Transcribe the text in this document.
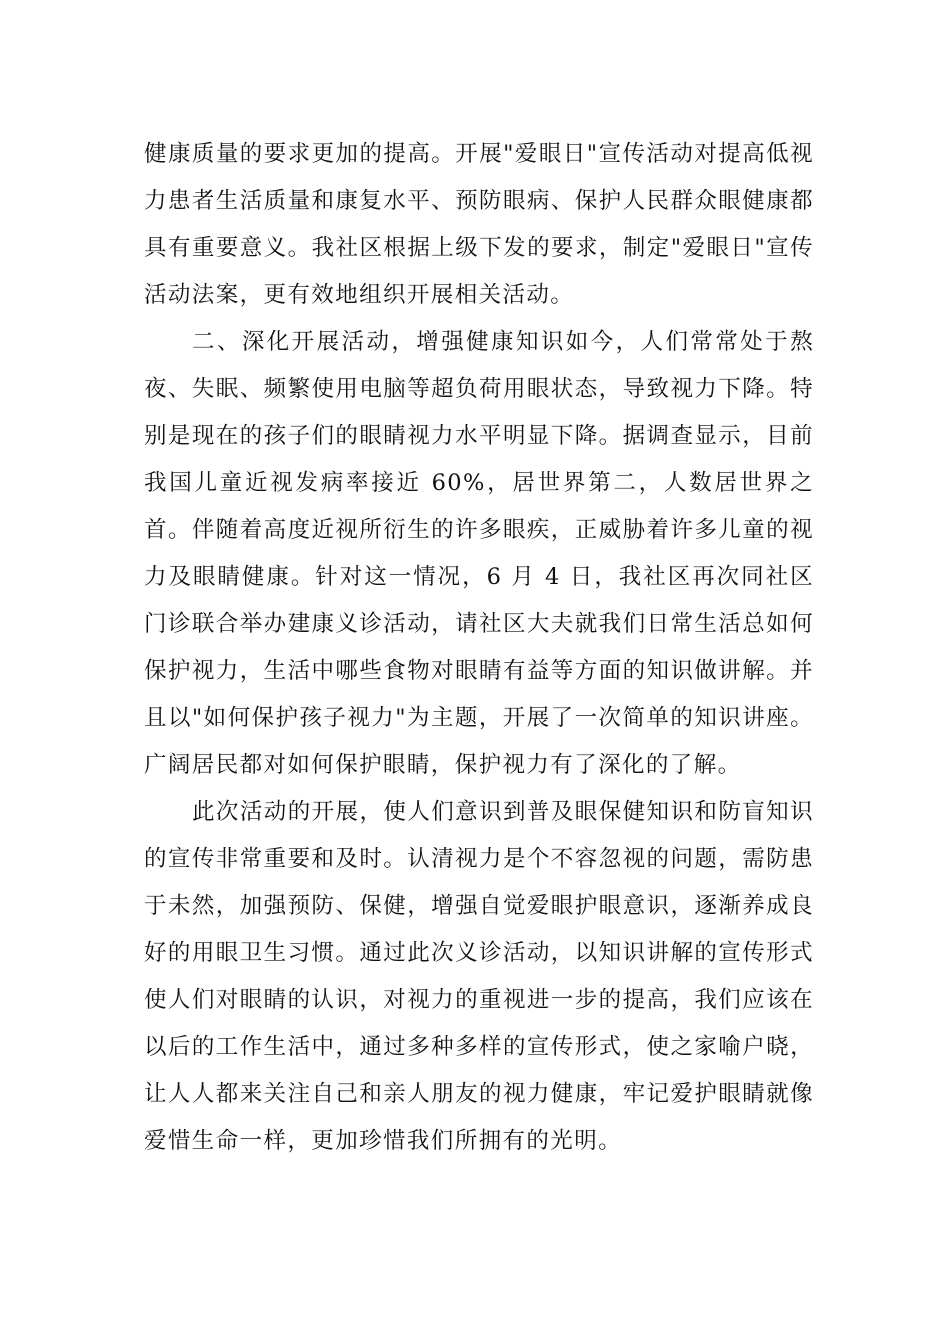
健康质量的要求更加的提高。开展"爱眼日"宣传活动对提高低视力患者生活质量和康复水平、预防眼病、保护人民群众眼健康都具有重要意义。我社区根据上级下发的要求，制定"爱眼日"宣传活动法案，更有效地组织开展相关活动。

二、深化开展活动，增强健康知识如今，人们常常处于熬夜、失眠、频繁使用电脑等超负荷用眼状态，导致视力下降。特别是现在的孩子们的眼睛视力水平明显下降。据调查显示，目前我国儿童近视发病率接近 60%，居世界第二，人数居世界之首。伴随着高度近视所衍生的许多眼疾，正威胁着许多儿童的视力及眼睛健康。针对这一情况，6 月 4 日，我社区再次同社区门诊联合举办建康义诊活动，请社区大夫就我们日常生活总如何保护视力，生活中哪些食物对眼睛有益等方面的知识做讲解。并且以"如何保护孩子视力"为主题，开展了一次简单的知识讲座。广阔居民都对如何保护眼睛，保护视力有了深化的了解。

此次活动的开展，使人们意识到普及眼保健知识和防盲知识的宣传非常重要和及时。认清视力是个不容忽视的问题，需防患于未然，加强预防、保健，增强自觉爱眼护眼意识，逐渐养成良好的用眼卫生习惯。通过此次义诊活动，以知识讲解的宣传形式使人们对眼睛的认识，对视力的重视进一步的提高，我们应该在以后的工作生活中，通过多种多样的宣传形式，使之家喻户晓，让人人都来关注自己和亲人朋友的视力健康，牢记爱护眼睛就像爱惜生命一样，更加珍惜我们所拥有的光明。
